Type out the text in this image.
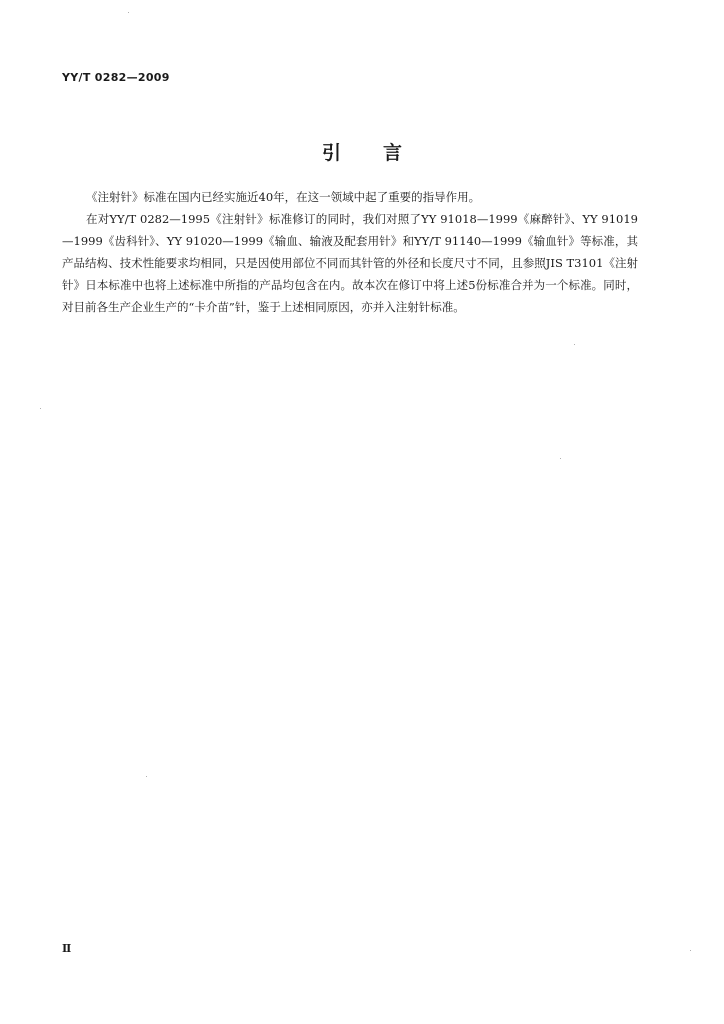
YY/T 0282—2009
引言

《注射针》标准在国内已经实施近40年，在这一领域中起了重要的指导作用。

在对YY/T 0282—1995《注射针》标准修订的同时，我们对照了YY 91018—1999《麻醉针》、YY 91019—1999《齿科针》、YY 91020—1999《输血、输液及配套用针》和YY/T 91140—1999《输血针》等标准，其产品结构、技术性能要求均相同，只是因使用部位不同而其针管的外径和长度尺寸不同，且参照JIS T3101《注射针》日本标准中也将上述标准中所指的产品均包含在内。故本次在修订中将上述5份标准合并为一个标准。同时，对目前各生产企业生产的“卡介苗”针，鉴于上述相同原因，亦并入注射针标准。

Ⅱ
